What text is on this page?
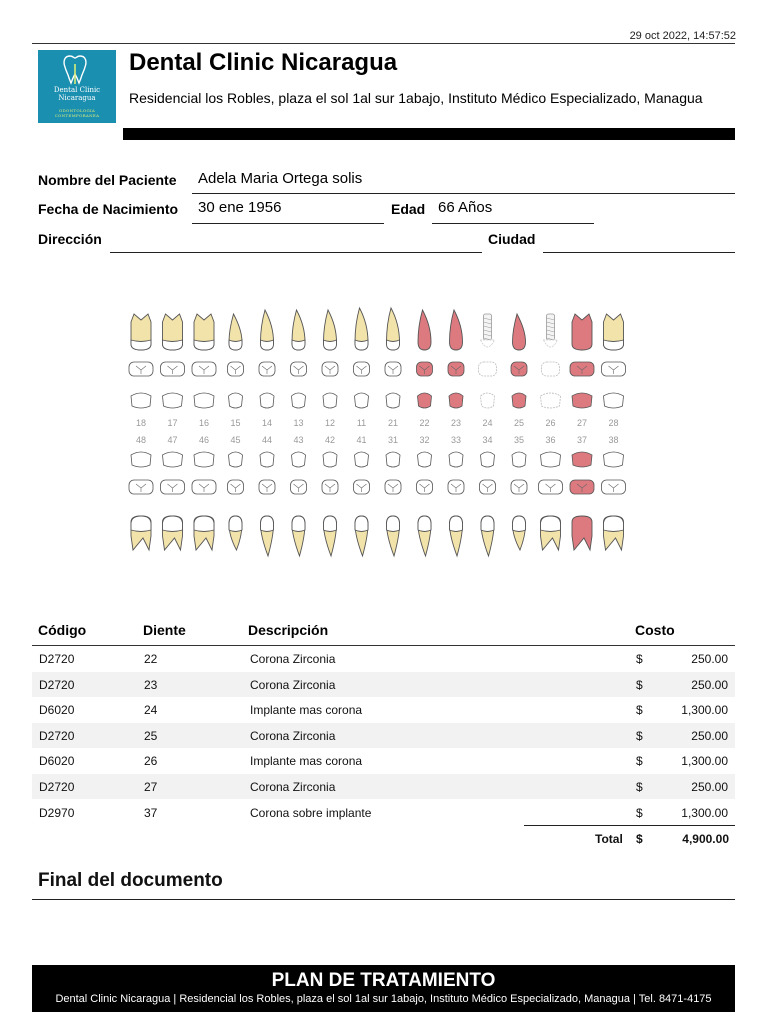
29 oct 2022, 14:57:52
Dental Clinic
Nicaragua
ODONTOLOGIA CONTEMPORANEA
Dental Clinic Nicaragua
Residencial los Robles, plaza el sol 1al sur 1abajo, Instituto Médico Especializado, Managua
Nombre del Paciente Adela Maria Ortega solis
Fecha de Nacimiento 30 ene 1956	Edad 66 Años
Dirección	Ciudad
18 17 16 15 14 13 12 11 21 22 23 24 25 26 27 28
48 47 46 45 44 43 42 41 31 32 33 34 35 36 37 38
Código	Diente	Descripción	Costo
D2720	22	Corona Zirconia	$	250.00
D2720	23	Corona Zirconia	$	250.00
D6020	24	Implante mas corona	$	1,300.00
D2720	25	Corona Zirconia	$	250.00
D6020	26	Implante mas corona	$	1,300.00
D2720	27	Corona Zirconia	$	250.00
D2970	37	Corona sobre implante	$	1,300.00
Total $	4,900.00
Final del documento
PLAN DE TRATAMIENTO
Dental Clinic Nicaragua | Residencial los Robles, plaza el sol 1al sur 1abajo, Instituto Médico Especializado, Managua | Tel. 8471-4175
